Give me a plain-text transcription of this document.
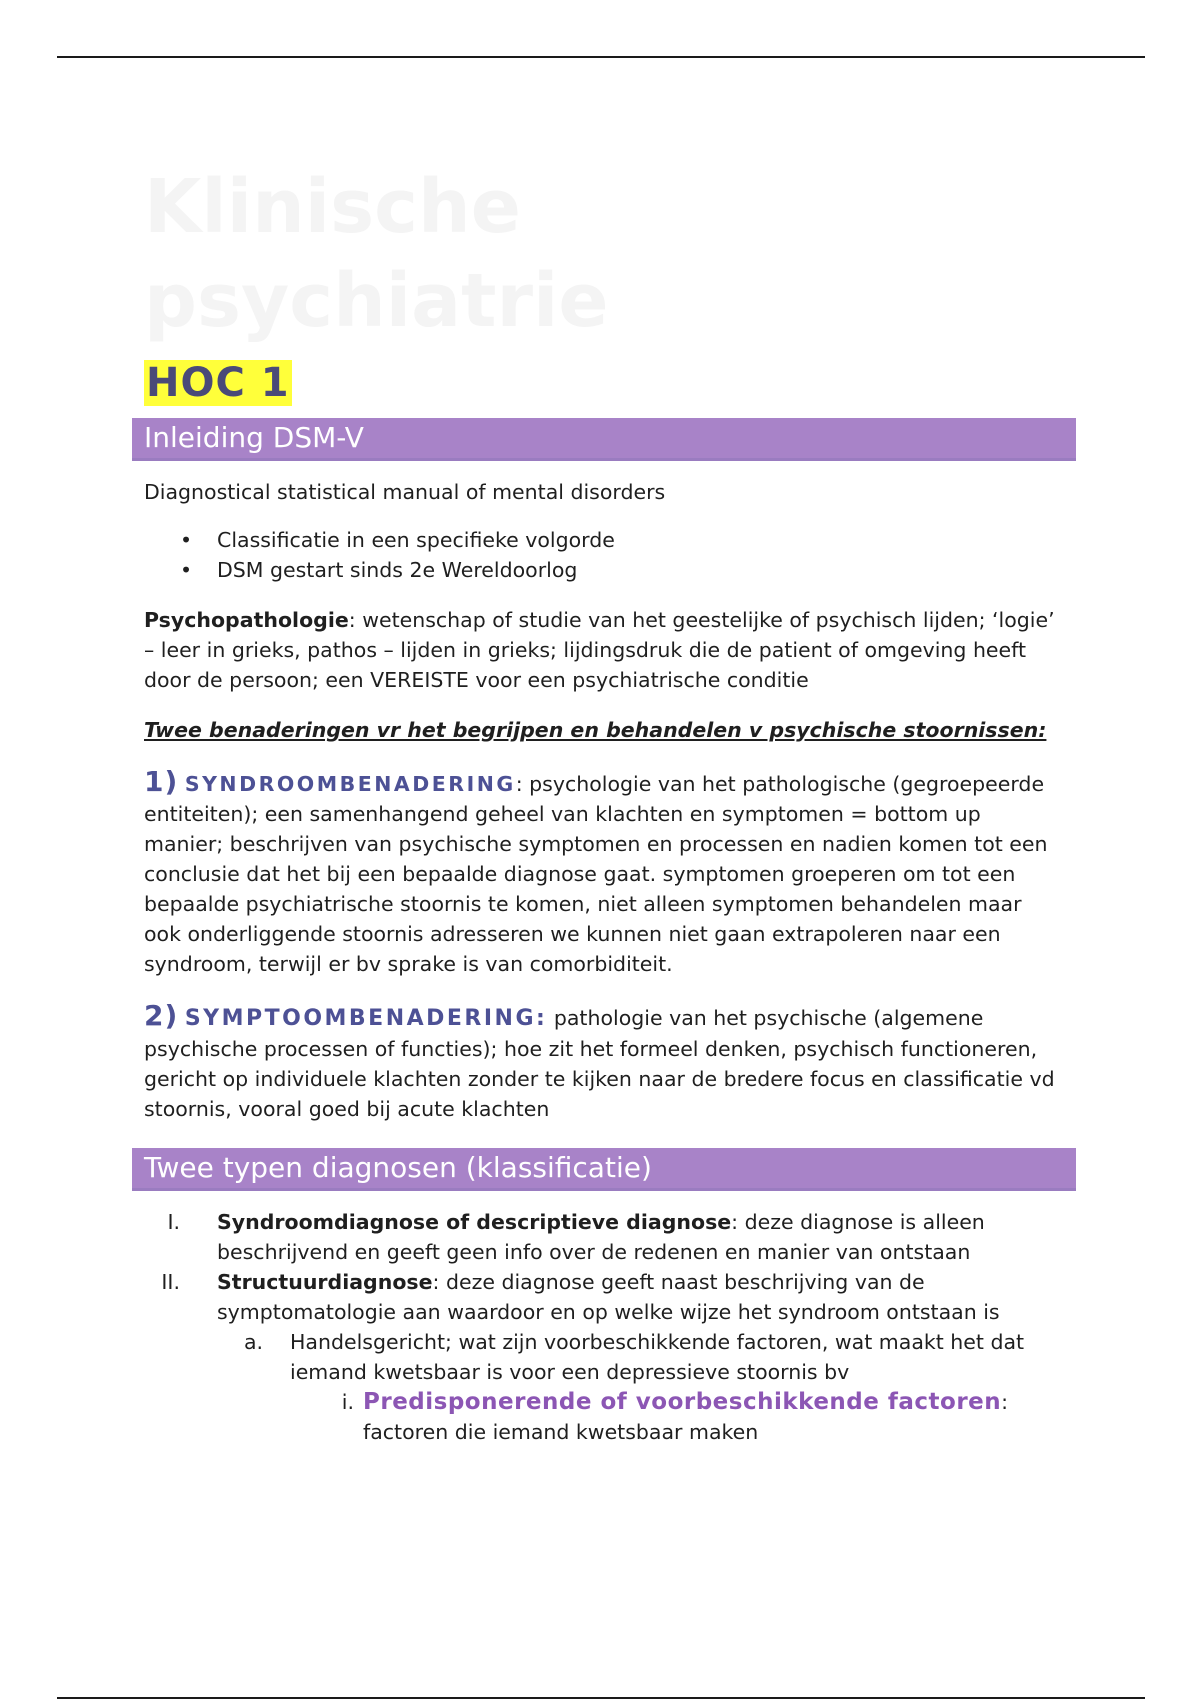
Klinische
psychiatrie
HOC 1
Inleiding DSM-V

Diagnostical statistical manual of mental disorders

• Classificatie in een specifieke volgorde
• DSM gestart sinds 2e Wereldoorlog

Psychopathologie: wetenschap of studie van het geestelijke of psychisch lijden; ‘logie’ – leer in grieks, pathos – lijden in grieks; lijdingsdruk die de patient of omgeving heeft door de persoon; een VEREISTE voor een psychiatrische conditie

Twee benaderingen vr het begrijpen en behandelen v psychische stoornissen:

1) SYNDROOMBENADERING: psychologie van het pathologische (gegroepeerde entiteiten); een samenhangend geheel van klachten en symptomen = bottom up manier; beschrijven van psychische symptomen en processen en nadien komen tot een conclusie dat het bij een bepaalde diagnose gaat. symptomen groeperen om tot een bepaalde psychiatrische stoornis te komen, niet alleen symptomen behandelen maar ook onderliggende stoornis adresseren we kunnen niet gaan extrapoleren naar een syndroom, terwijl er bv sprake is van comorbiditeit.

2) SYMPTOOMBENADERING: pathologie van het psychische (algemene psychische processen of functies); hoe zit het formeel denken, psychisch functioneren, gericht op individuele klachten zonder te kijken naar de bredere focus en classificatie vd stoornis, vooral goed bij acute klachten

Twee typen diagnosen (klassificatie)
I. Syndroomdiagnose of descriptieve diagnose: deze diagnose is alleen beschrijvend en geeft geen info over de redenen en manier van ontstaan
II. Structuurdiagnose: deze diagnose geeft naast beschrijving van de symptomatologie aan waardoor en op welke wijze het syndroom ontstaan is
a.	Handelsgericht; wat zijn voorbeschikkende factoren, wat maakt het dat iemand kwetsbaar is voor een depressieve stoornis bv
i. Predisponerende of voorbeschikkende factoren: factoren die iemand kwetsbaar maken
